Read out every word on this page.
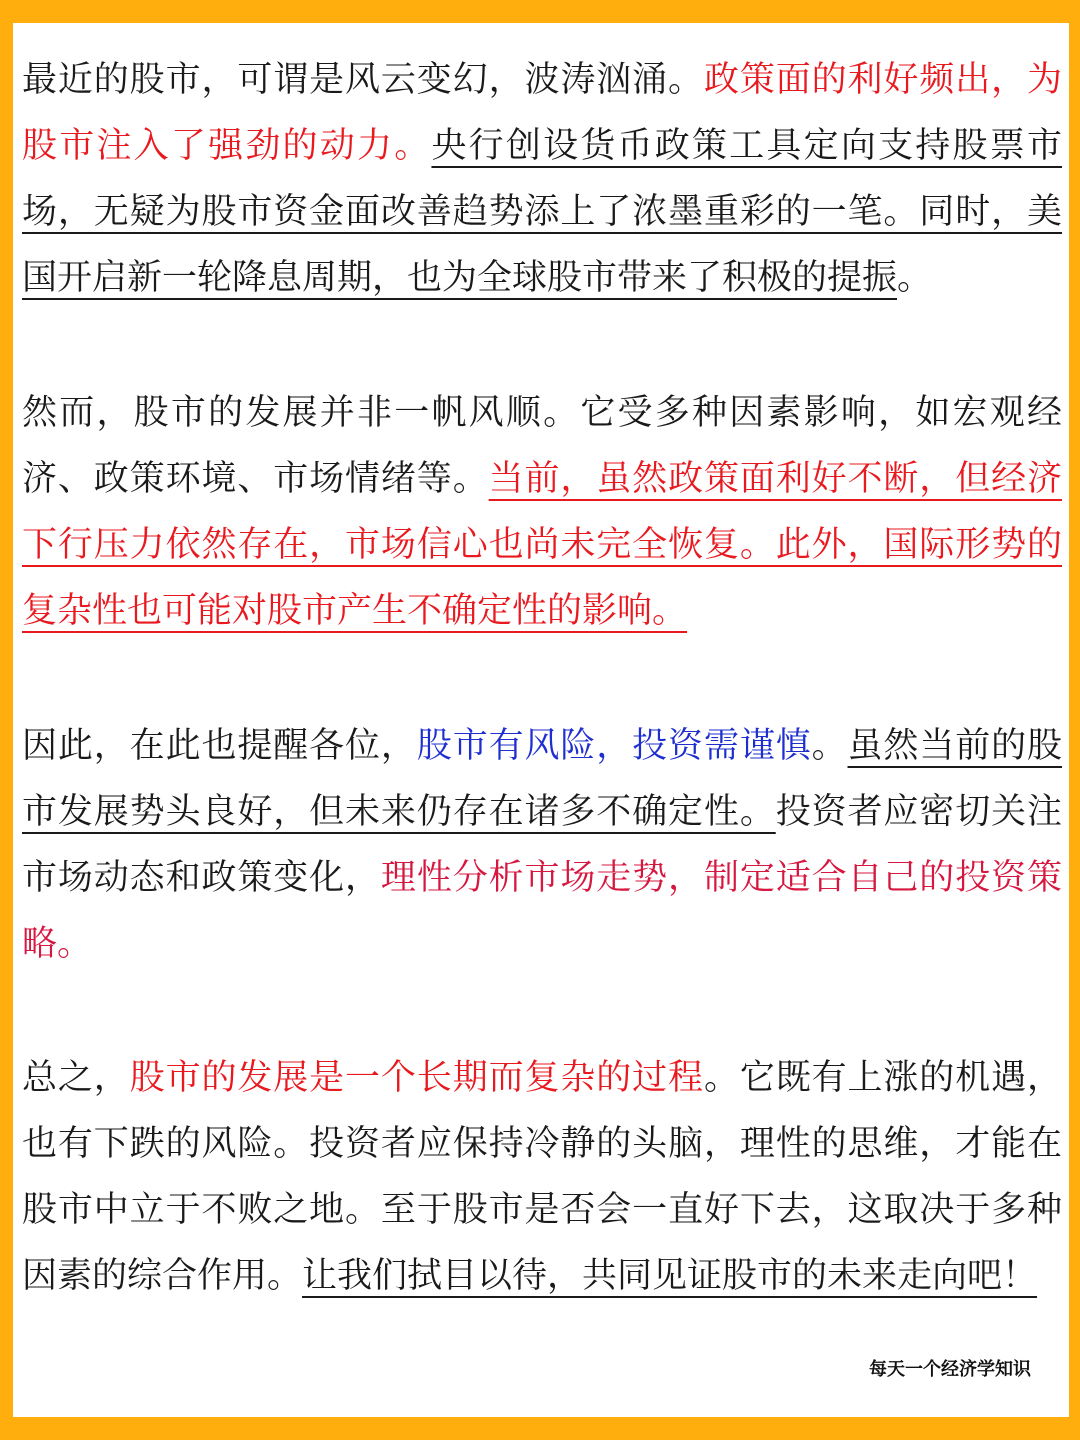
最近的股市，可谓是风云变幻，波涛汹涌。政策面的利好频出，为股市注入了强劲的动力。央行创设货币政策工具定向支持股票市场，无疑为股市资金面改善趋势添上了浓墨重彩的一笔。同时，美国开启新一轮降息周期，也为全球股市带来了积极的提振。

然而，股市的发展并非一帆风顺。它受多种因素影响，如宏观经济、政策环境、市场情绪等。当前，虽然政策面利好不断，但经济下行压力依然存在，市场信心也尚未完全恢复。此外，国际形势的复杂性也可能对股市产生不确定性的影响。

因此，在此也提醒各位，股市有风险，投资需谨慎。虽然当前的股市发展势头良好，但未来仍存在诸多不确定性。投资者应密切关注市场动态和政策变化，理性分析市场走势，制定适合自己的投资策略。

总之，股市的发展是一个长期而复杂的过程。它既有上涨的机遇，也有下跌的风险。投资者应保持冷静的头脑，理性的思维，才能在股市中立于不败之地。至于股市是否会一直好下去，这取决于多种因素的综合作用。让我们拭目以待，共同见证股市的未来走向吧！

每天一个经济学知识
